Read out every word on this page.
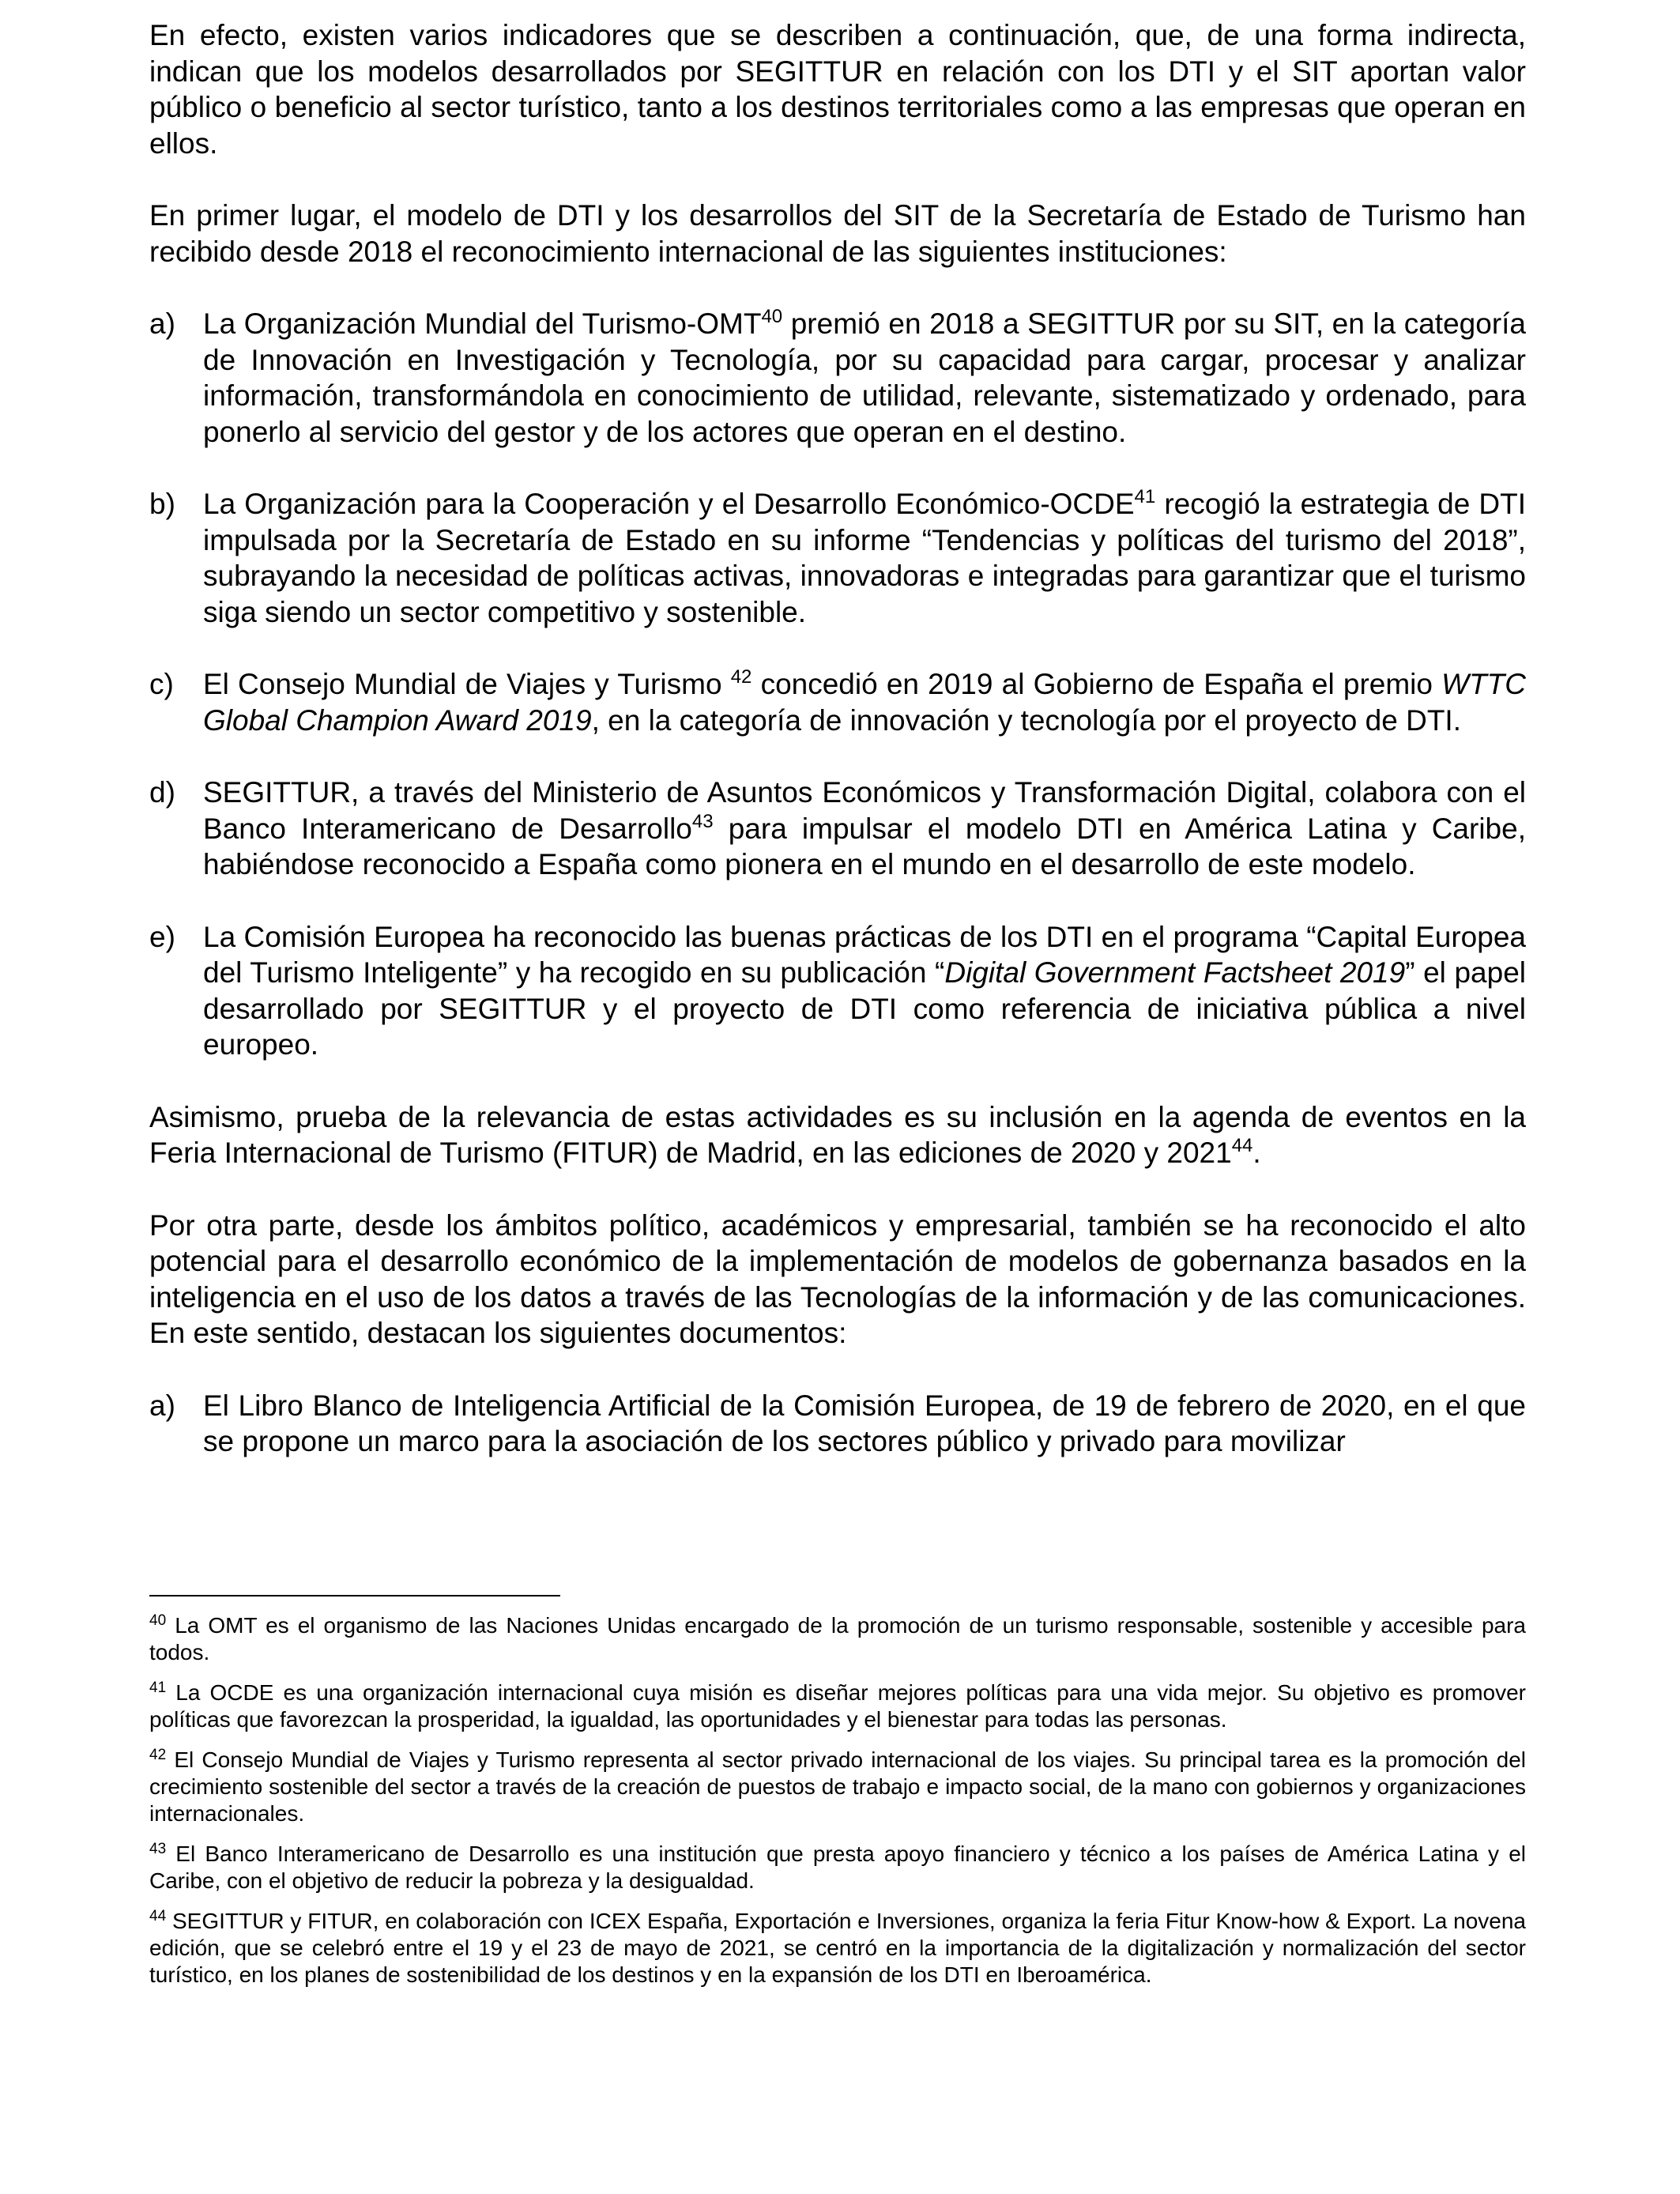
En efecto, existen varios indicadores que se describen a continuación, que, de una forma indirecta, indican que los modelos desarrollados por SEGITTUR en relación con los DTI y el SIT aportan valor público o beneficio al sector turístico, tanto a los destinos territoriales como a las empresas que operan en ellos.

En primer lugar, el modelo de DTI y los desarrollos del SIT de la Secretaría de Estado de Turismo han recibido desde 2018 el reconocimiento internacional de las siguientes instituciones:

a) La Organización Mundial del Turismo-OMT$^{40}$ premió en 2018 a SEGITTUR por su SIT, en la categoría de Innovación en Investigación y Tecnología, por su capacidad para cargar, procesar y analizar información, transformándola en conocimiento de utilidad, relevante, sistematizado y ordenado, para ponerlo al servicio del gestor y de los actores que operan en el destino.
b) La Organización para la Cooperación y el Desarrollo Económico-OCDE$^{41}$ recogió la estrategia de DTI impulsada por la Secretaría de Estado en su informe “Tendencias y políticas del turismo del 2018”, subrayando la necesidad de políticas activas, innovadoras e integradas para garantizar que el turismo siga siendo un sector competitivo y sostenible.
c)	El Consejo Mundial de Viajes y Turismo $^{42}$ concedió en 2019 al Gobierno de España el premio WTTC Global Champion Award 2019, en la categoría de innovación y tecnología por el proyecto de DTI.
d) SEGITTUR, a través del Ministerio de Asuntos Económicos y Transformación Digital, colabora con el Banco Interamericano de Desarrollo$^{43}$ para impulsar el modelo DTI en América Latina y Caribe, habiéndose reconocido a España como pionera en el mundo en el desarrollo de este modelo.
e) La Comisión Europea ha reconocido las buenas prácticas de los DTI en el programa “Capital Europea del Turismo Inteligente” y ha recogido en su publicación “Digital Government Factsheet 2019” el papel desarrollado por SEGITTUR y el proyecto de DTI como referencia de iniciativa pública a nivel europeo.

Asimismo, prueba de la relevancia de estas actividades es su inclusión en la agenda de eventos en la Feria Internacional de Turismo (FITUR) de Madrid, en las ediciones de 2020 y 2021$^{44}$.

Por otra parte, desde los ámbitos político, académicos y empresarial, también se ha reconocido el alto potencial para el desarrollo económico de la implementación de modelos de gobernanza basados en la inteligencia en el uso de los datos a través de las Tecnologías de la información y de las comunicaciones. En este sentido, destacan los siguientes documentos:

a) El Libro Blanco de Inteligencia Artificial de la Comisión Europea, de 19 de febrero de 2020, en el que se propone un marco para la asociación de los sectores público y privado para movilizar

$^{40}$ La OMT es el organismo de las Naciones Unidas encargado de la promoción de un turismo responsable, sostenible y accesible para todos.

$^{41}$ La OCDE es una organización internacional cuya misión es diseñar mejores políticas para una vida mejor. Su objetivo es promover políticas que favorezcan la prosperidad, la igualdad, las oportunidades y el bienestar para todas las personas.

$^{42}$ El Consejo Mundial de Viajes y Turismo representa al sector privado internacional de los viajes. Su principal tarea es la promoción del crecimiento sostenible del sector a través de la creación de puestos de trabajo e impacto social, de la mano con gobiernos y organizaciones internacionales.

$^{43}$ El Banco Interamericano de Desarrollo es una institución que presta apoyo financiero y técnico a los países de América Latina y el Caribe, con el objetivo de reducir la pobreza y la desigualdad.

$^{44}$ SEGITTUR y FITUR, en colaboración con ICEX España, Exportación e Inversiones, organiza la feria Fitur Know-how & Export. La novena edición, que se celebró entre el 19 y el 23 de mayo de 2021, se centró en la importancia de la digitalización y normalización del sector turístico, en los planes de sostenibilidad de los destinos y en la expansión de los DTI en Iberoamérica.
